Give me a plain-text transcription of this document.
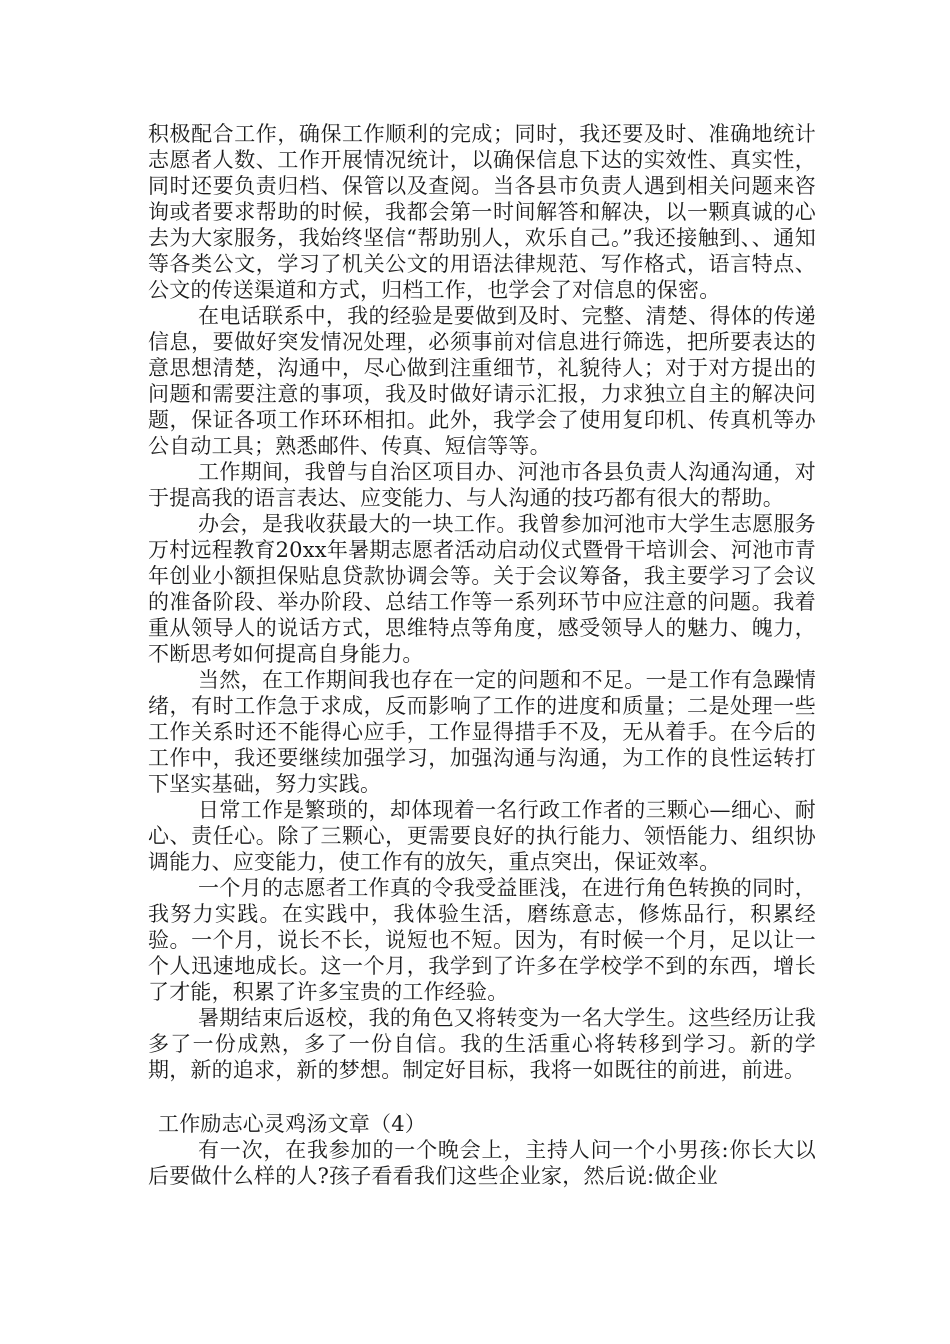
积极配合工作，确保工作顺利的完成；同时，我还要及时、准确地统计志愿者人数、工作开展情况统计，以确保信息下达的实效性、真实性，同时还要负责归档、保管以及查阅。当各县市负责人遇到相关问题来咨询或者要求帮助的时候，我都会第一时间解答和解决，以一颗真诚的心去为大家服务，我始终坚信“帮助别人，欢乐自己。”我还接触到、、通知等各类公文，学习了机关公文的用语法律规范、写作格式，语言特点、公文的传送渠道和方式，归档工作，也学会了对信息的保密。

在电话联系中，我的经验是要做到及时、完整、清楚、得体的传递信息，要做好突发情况处理，必须事前对信息进行筛选，把所要表达的意思想清楚，沟通中，尽心做到注重细节，礼貌待人；对于对方提出的问题和需要注意的事项，我及时做好请示汇报，力求独立自主的解决问题，保证各项工作环环相扣。此外，我学会了使用复印机、传真机等办公自动工具；熟悉邮件、传真、短信等等。

工作期间，我曾与自治区项目办、河池市各县负责人沟通沟通，对于提高我的语言表达、应变能力、与人沟通的技巧都有很大的帮助。

办会，是我收获最大的一块工作。我曾参加河池市大学生志愿服务万村远程教育20xx年暑期志愿者活动启动仪式暨骨干培训会、河池市青年创业小额担保贴息贷款协调会等。关于会议筹备，我主要学习了会议的准备阶段、举办阶段、总结工作等一系列环节中应注意的问题。我着重从领导人的说话方式，思维特点等角度，感受领导人的魅力、魄力，不断思考如何提高自身能力。

当然，在工作期间我也存在一定的问题和不足。一是工作有急躁情绪，有时工作急于求成，反而影响了工作的进度和质量；二是处理一些工作关系时还不能得心应手，工作显得措手不及，无从着手。在今后的工作中，我还要继续加强学习，加强沟通与沟通，为工作的良性运转打下坚实基础，努力实践。

日常工作是繁琐的，却体现着一名行政工作者的三颗心—细心、耐心、责任心。除了三颗心，更需要良好的执行能力、领悟能力、组织协调能力、应变能力，使工作有的放矢，重点突出，保证效率。

一个月的志愿者工作真的令我受益匪浅，在进行角色转换的同时，我努力实践。在实践中，我体验生活，磨练意志，修炼品行，积累经验。一个月，说长不长，说短也不短。因为，有时候一个月，足以让一个人迅速地成长。这一个月，我学到了许多在学校学不到的东西，增长了才能，积累了许多宝贵的工作经验。

暑期结束后返校，我的角色又将转变为一名大学生。这些经历让我多了一份成熟，多了一份自信。我的生活重心将转移到学习。新的学期，新的追求，新的梦想。制定好目标，我将一如既往的前进，前进。

工作励志心灵鸡汤文章（4）

有一次，在我参加的一个晚会上，主持人问一个小男孩:你长大以后要做什么样的人?孩子看看我们这些企业家，然后说:做企业
